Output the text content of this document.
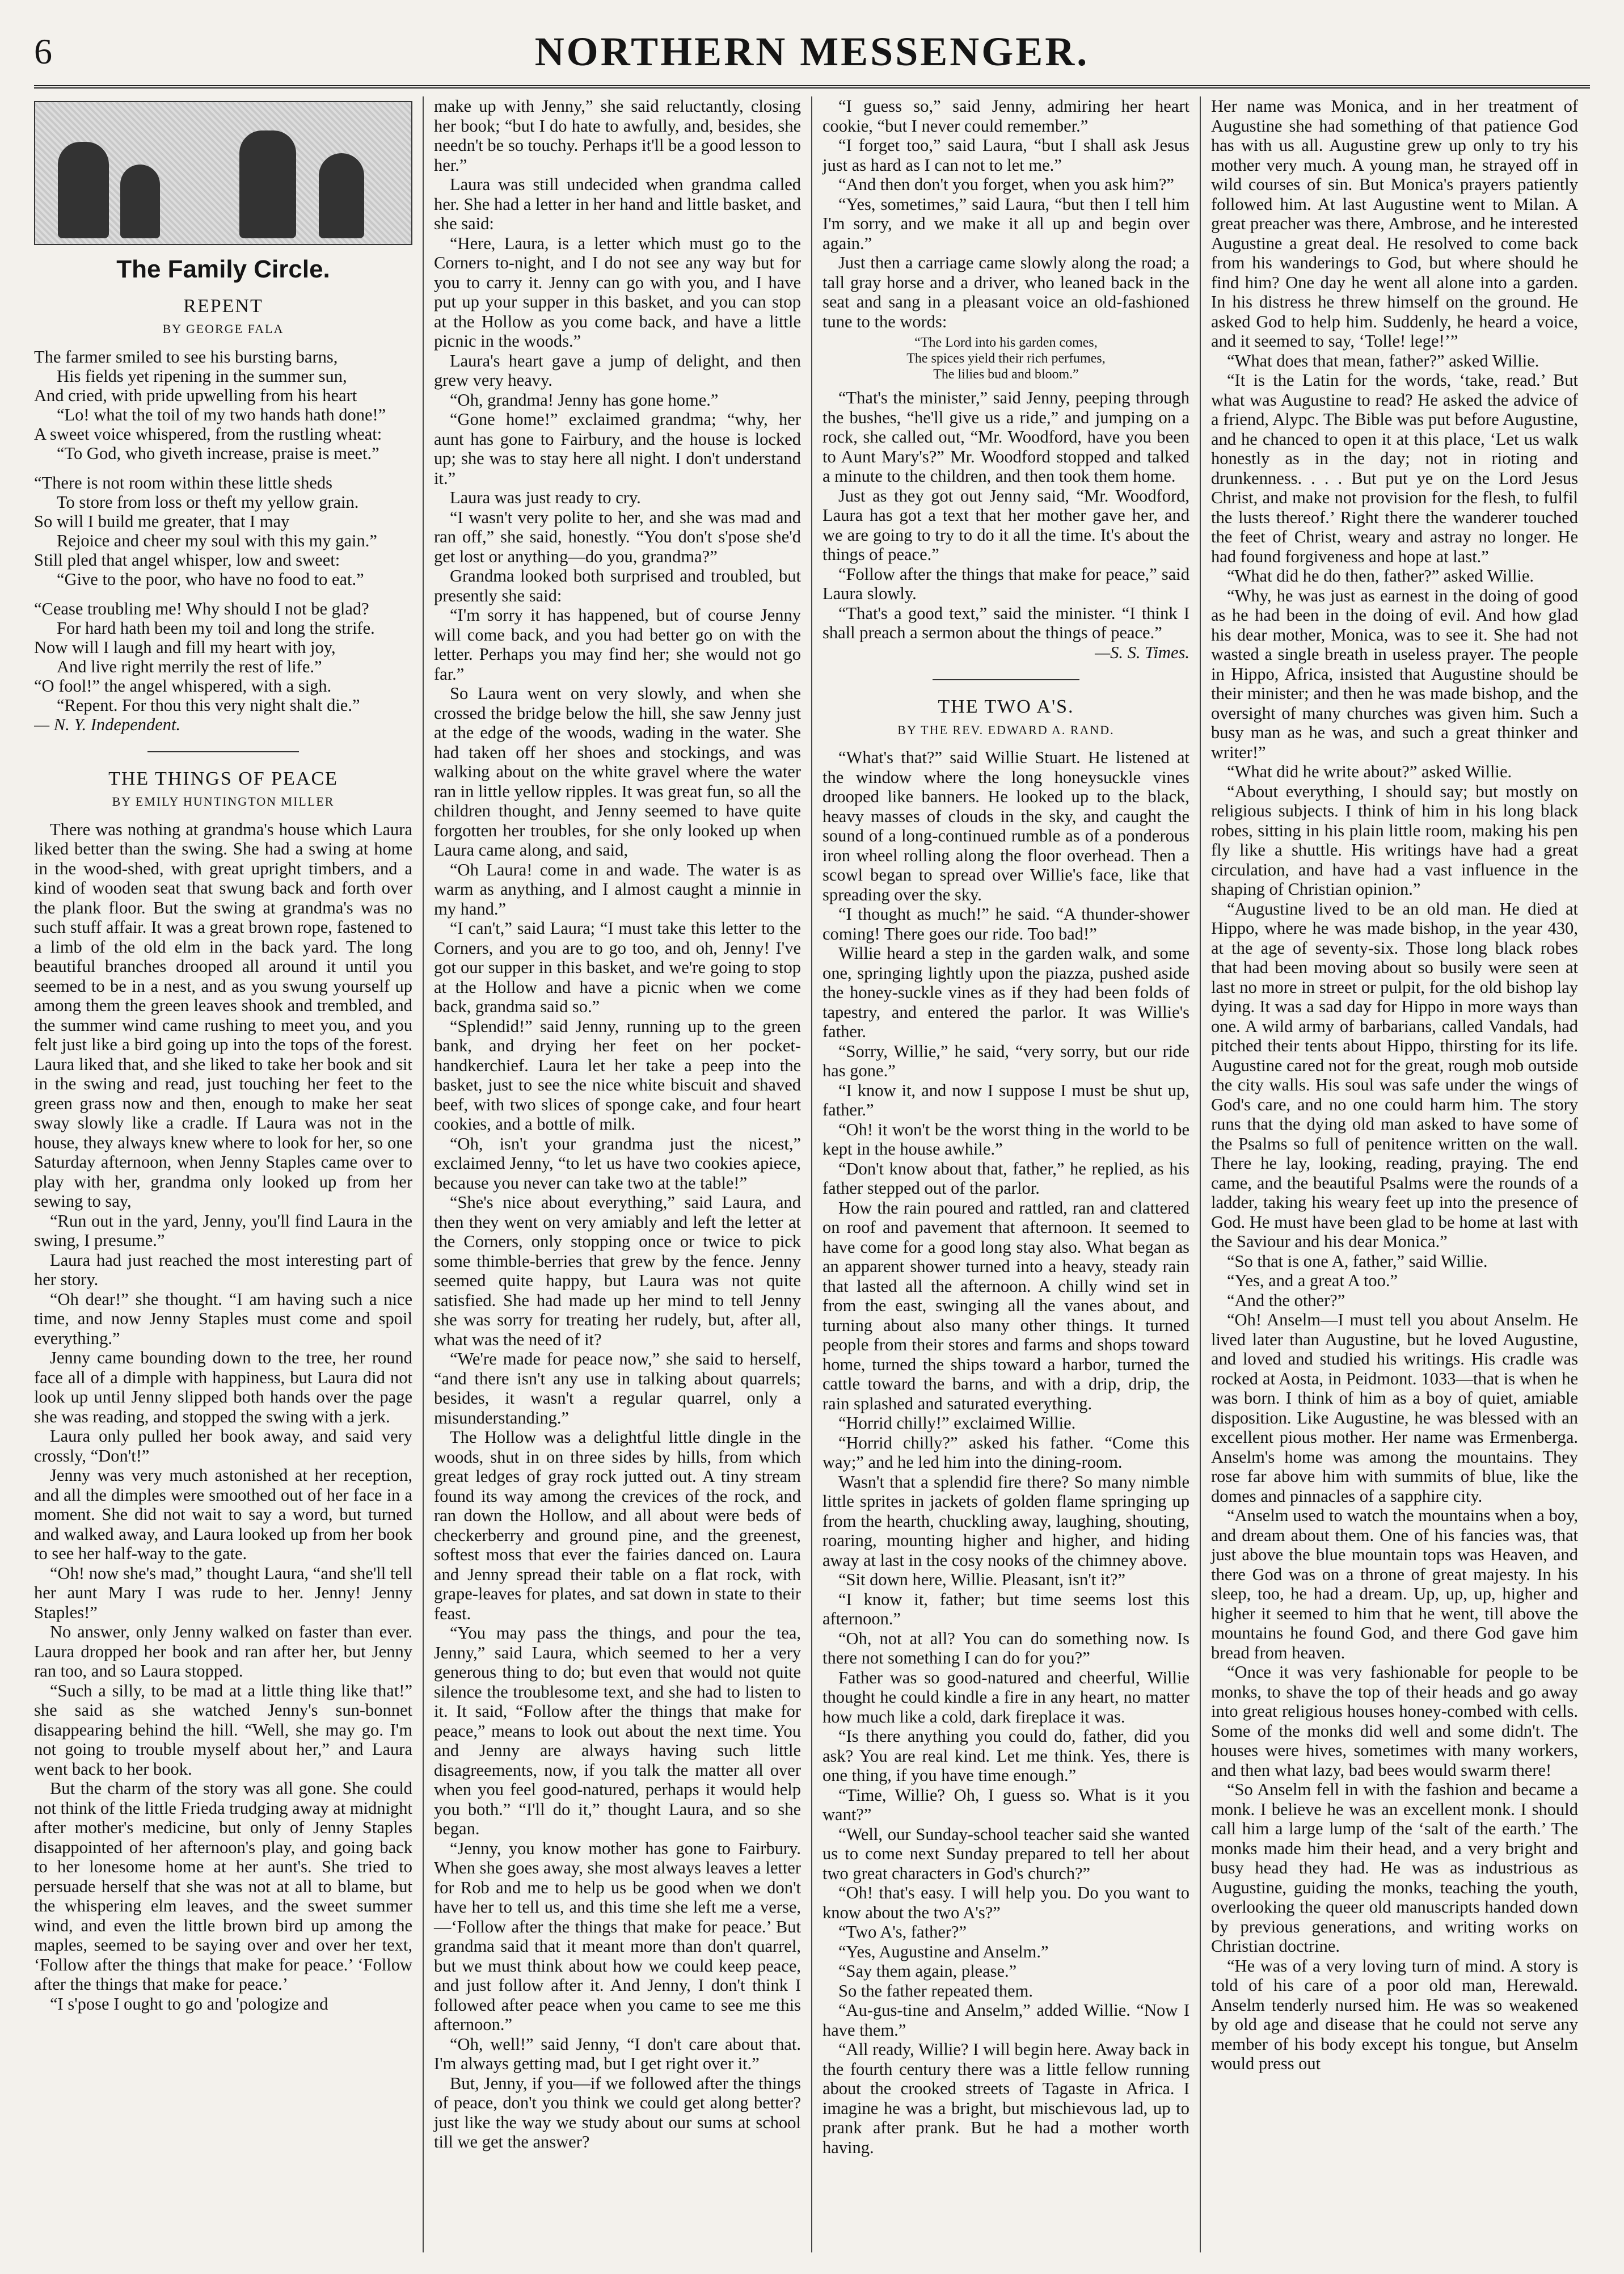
6	NORTHERN MESSENGER.
The Family Circle.
REPENT
BY GEORGE FALA

The farmer smiled to see his bursting barns,

His fields yet ripening in the summer sun,

And cried, with pride upwelling from his heart

“Lo! what the toil of my two hands hath done!”

A sweet voice whispered, from the rustling wheat:

“To God, who giveth increase, praise is meet.”

“There is not room within these little sheds

To store from loss or theft my yellow grain.

So will I build me greater, that I may

Rejoice and cheer my soul with this my gain.”

Still pled that angel whisper, low and sweet:

“Give to the poor, who have no food to eat.”

“Cease troubling me! Why should I not be glad?

For hard hath been my toil and long the strife.

Now will I laugh and fill my heart with joy,

And live right merrily the rest of life.”

“O fool!” the angel whispered, with a sigh.

“Repent. For thou this very night shalt die.”

— N. Y. Independent.

THE THINGS OF PEACE
BY EMILY HUNTINGTON MILLER

There was nothing at grandma's house which Laura liked better than the swing. She had a swing at home in the wood-shed, with great upright timbers, and a kind of wooden seat that swung back and forth over the plank floor. But the swing at grandma's was no such stuff affair. It was a great brown rope, fastened to a limb of the old elm in the back yard. The long beautiful branches drooped all around it until you seemed to be in a nest, and as you swung yourself up among them the green leaves shook and trembled, and the summer wind came rushing to meet you, and you felt just like a bird going up into the tops of the forest. Laura liked that, and she liked to take her book and sit in the swing and read, just touching her feet to the green grass now and then, enough to make her seat sway slowly like a cradle. If Laura was not in the house, they always knew where to look for her, so one Saturday afternoon, when Jenny Staples came over to play with her, grandma only looked up from her sewing to say,

“Run out in the yard, Jenny, you'll find Laura in the swing, I presume.”

Laura had just reached the most interesting part of her story.

“Oh dear!” she thought. “I am having such a nice time, and now Jenny Staples must come and spoil everything.”

Jenny came bounding down to the tree, her round face all of a dimple with happiness, but Laura did not look up until Jenny slipped both hands over the page she was reading, and stopped the swing with a jerk.

Laura only pulled her book away, and said very crossly, “Don't!”

Jenny was very much astonished at her reception, and all the dimples were smoothed out of her face in a moment. She did not wait to say a word, but turned and walked away, and Laura looked up from her book to see her half-way to the gate.

“Oh! now she's mad,” thought Laura, “and she'll tell her aunt Mary I was rude to her. Jenny! Jenny Staples!”

No answer, only Jenny walked on faster than ever. Laura dropped her book and ran after her, but Jenny ran too, and so Laura stopped.

“Such a silly, to be mad at a little thing like that!” she said as she watched Jenny's sun-bonnet disappearing behind the hill. “Well, she may go. I'm not going to trouble myself about her,” and Laura went back to her book.

But the charm of the story was all gone. She could not think of the little Frieda trudging away at midnight after mother's medicine, but only of Jenny Staples disappointed of her afternoon's play, and going back to her lonesome home at her aunt's. She tried to persuade herself that she was not at all to blame, but the whispering elm leaves, and the sweet summer wind, and even the little brown bird up among the maples, seemed to be saying over and over her text, ‘Follow after the things that make for peace.’ ‘Follow after the things that make for peace.’

“I s'pose I ought to go and 'pologize and

make up with Jenny,” she said reluctantly, closing her book; “but I do hate to awfully, and, besides, she needn't be so touchy. Perhaps it'll be a good lesson to her.”

Laura was still undecided when grandma called her. She had a letter in her hand and little basket, and she said:

“Here, Laura, is a letter which must go to the Corners to-night, and I do not see any way but for you to carry it. Jenny can go with you, and I have put up your supper in this basket, and you can stop at the Hollow as you come back, and have a little picnic in the woods.”

Laura's heart gave a jump of delight, and then grew very heavy.

“Oh, grandma! Jenny has gone home.”

“Gone home!” exclaimed grandma; “why, her aunt has gone to Fairbury, and the house is locked up; she was to stay here all night. I don't understand it.”

Laura was just ready to cry.

“I wasn't very polite to her, and she was mad and ran off,” she said, honestly. “You don't s'pose she'd get lost or anything—do you, grandma?”

Grandma looked both surprised and troubled, but presently she said:

“I'm sorry it has happened, but of course Jenny will come back, and you had better go on with the letter. Perhaps you may find her; she would not go far.”

So Laura went on very slowly, and when she crossed the bridge below the hill, she saw Jenny just at the edge of the woods, wading in the water. She had taken off her shoes and stockings, and was walking about on the white gravel where the water ran in little yellow ripples. It was great fun, so all the children thought, and Jenny seemed to have quite forgotten her troubles, for she only looked up when Laura came along, and said,

“Oh Laura! come in and wade. The water is as warm as anything, and I almost caught a minnie in my hand.”

“I can't,” said Laura; “I must take this letter to the Corners, and you are to go too, and oh, Jenny! I've got our supper in this basket, and we're going to stop at the Hollow and have a picnic when we come back, grandma said so.”

“Splendid!” said Jenny, running up to the green bank, and drying her feet on her pocket-handkerchief. Laura let her take a peep into the basket, just to see the nice white biscuit and shaved beef, with two slices of sponge cake, and four heart cookies, and a bottle of milk.

“Oh, isn't your grandma just the nicest,” exclaimed Jenny, “to let us have two cookies apiece, because you never can take two at the table!”

“She's nice about everything,” said Laura, and then they went on very amiably and left the letter at the Corners, only stopping once or twice to pick some thimble-berries that grew by the fence. Jenny seemed quite happy, but Laura was not quite satisfied. She had made up her mind to tell Jenny she was sorry for treating her rudely, but, after all, what was the need of it?

“We're made for peace now,” she said to herself, “and there isn't any use in talking about quarrels; besides, it wasn't a regular quarrel, only a misunderstanding.”

The Hollow was a delightful little dingle in the woods, shut in on three sides by hills, from which great ledges of gray rock jutted out. A tiny stream found its way among the crevices of the rock, and ran down the Hollow, and all about were beds of checkerberry and ground pine, and the greenest, softest moss that ever the fairies danced on. Laura and Jenny spread their table on a flat rock, with grape-leaves for plates, and sat down in state to their feast.

“You may pass the things, and pour the tea, Jenny,” said Laura, which seemed to her a very generous thing to do; but even that would not quite silence the troublesome text, and she had to listen to it. It said, “Follow after the things that make for peace,” means to look out about the next time. You and Jenny are always having such little disagreements, now, if you talk the matter all over when you feel good-natured, perhaps it would help you both.” “I'll do it,” thought Laura, and so she began.

“Jenny, you know mother has gone to Fairbury. When she goes away, she most always leaves a letter for Rob and me to help us be good when we don't have her to tell us, and this time she left me a verse,—‘Follow after the things that make for peace.’ But grandma said that it meant more than don't quarrel, but we must think about how we could keep peace, and just follow after it. And Jenny, I don't think I followed after peace when you came to see me this afternoon.”

“Oh, well!” said Jenny, “I don't care about that. I'm always getting mad, but I get right over it.”

But, Jenny, if you—if we followed after the things of peace, don't you think we could get along better? just like the way we study about our sums at school till we get the answer?

“I guess so,” said Jenny, admiring her heart cookie, “but I never could remember.”

“I forget too,” said Laura, “but I shall ask Jesus just as hard as I can not to let me.”

“And then don't you forget, when you ask him?”

“Yes, sometimes,” said Laura, “but then I tell him I'm sorry, and we make it all up and begin over again.”

Just then a carriage came slowly along the road; a tall gray horse and a driver, who leaned back in the seat and sang in a pleasant voice an old-fashioned tune to the words:

“The Lord into his garden comes,
The spices yield their rich perfumes,
The lilies bud and bloom.”

“That's the minister,” said Jenny, peeping through the bushes, “he'll give us a ride,” and jumping on a rock, she called out, “Mr. Woodford, have you been to Aunt Mary's?” Mr. Woodford stopped and talked a minute to the children, and then took them home.

Just as they got out Jenny said, “Mr. Woodford, Laura has got a text that her mother gave her, and we are going to try to do it all the time. It's about the things of peace.”

“Follow after the things that make for peace,” said Laura slowly.

“That's a good text,” said the minister. “I think I shall preach a sermon about the things of peace.”

—S. S. Times.

THE TWO A'S.
BY THE REV. EDWARD A. RAND.

“What's that?” said Willie Stuart. He listened at the window where the long honeysuckle vines drooped like banners. He looked up to the black, heavy masses of clouds in the sky, and caught the sound of a long-continued rumble as of a ponderous iron wheel rolling along the floor overhead. Then a scowl began to spread over Willie's face, like that spreading over the sky.

“I thought as much!” he said. “A thunder-shower coming! There goes our ride. Too bad!”

Willie heard a step in the garden walk, and some one, springing lightly upon the piazza, pushed aside the honey-suckle vines as if they had been folds of tapestry, and entered the parlor. It was Willie's father.

“Sorry, Willie,” he said, “very sorry, but our ride has gone.”

“I know it, and now I suppose I must be shut up, father.”

“Oh! it won't be the worst thing in the world to be kept in the house awhile.”

“Don't know about that, father,” he replied, as his father stepped out of the parlor.

How the rain poured and rattled, ran and clattered on roof and pavement that afternoon. It seemed to have come for a good long stay also. What began as an apparent shower turned into a heavy, steady rain that lasted all the afternoon. A chilly wind set in from the east, swinging all the vanes about, and turning about also many other things. It turned people from their stores and farms and shops toward home, turned the ships toward a harbor, turned the cattle toward the barns, and with a drip, drip, the rain splashed and saturated everything.

“Horrid chilly!” exclaimed Willie.

“Horrid chilly?” asked his father. “Come this way;” and he led him into the dining-room.

Wasn't that a splendid fire there? So many nimble little sprites in jackets of golden flame springing up from the hearth, chuckling away, laughing, shouting, roaring, mounting higher and higher, and hiding away at last in the cosy nooks of the chimney above.

“Sit down here, Willie. Pleasant, isn't it?”

“I know it, father; but time seems lost this afternoon.”

“Oh, not at all? You can do something now. Is there not something I can do for you?”

Father was so good-natured and cheerful, Willie thought he could kindle a fire in any heart, no matter how much like a cold, dark fireplace it was.

“Is there anything you could do, father, did you ask? You are real kind. Let me think. Yes, there is one thing, if you have time enough.”

“Time, Willie? Oh, I guess so. What is it you want?”

“Well, our Sunday-school teacher said she wanted us to come next Sunday prepared to tell her about two great characters in God's church?”

“Oh! that's easy. I will help you. Do you want to know about the two A's?”

“Two A's, father?”

“Yes, Augustine and Anselm.”

“Say them again, please.”

So the father repeated them.

“Au-gus-tine and Anselm,” added Willie. “Now I have them.”

“All ready, Willie? I will begin here. Away back in the fourth century there was a little fellow running about the crooked streets of Tagaste in Africa. I imagine he was a bright, but mischievous lad, up to prank after prank. But he had a mother worth having.

Her name was Monica, and in her treatment of Augustine she had something of that patience God has with us all. Augustine grew up only to try his mother very much. A young man, he strayed off in wild courses of sin. But Monica's prayers patiently followed him. At last Augustine went to Milan. A great preacher was there, Ambrose, and he interested Augustine a great deal. He resolved to come back from his wanderings to God, but where should he find him? One day he went all alone into a garden. In his distress he threw himself on the ground. He asked God to help him. Suddenly, he heard a voice, and it seemed to say, ‘Tolle! lege!’”

“What does that mean, father?” asked Willie.

“It is the Latin for the words, ‘take, read.’ But what was Augustine to read? He asked the advice of a friend, Alypc. The Bible was put before Augustine, and he chanced to open it at this place, ‘Let us walk honestly as in the day; not in rioting and drunkenness. . . . But put ye on the Lord Jesus Christ, and make not provision for the flesh, to fulfil the lusts thereof.’ Right there the wanderer touched the feet of Christ, weary and astray no longer. He had found forgiveness and hope at last.”

“What did he do then, father?” asked Willie.

“Why, he was just as earnest in the doing of good as he had been in the doing of evil. And how glad his dear mother, Monica, was to see it. She had not wasted a single breath in useless prayer. The people in Hippo, Africa, insisted that Augustine should be their minister; and then he was made bishop, and the oversight of many churches was given him. Such a busy man as he was, and such a great thinker and writer!”

“What did he write about?” asked Willie.

“About everything, I should say; but mostly on religious subjects. I think of him in his long black robes, sitting in his plain little room, making his pen fly like a shuttle. His writings have had a great circulation, and have had a vast influence in the shaping of Christian opinion.”

“Augustine lived to be an old man. He died at Hippo, where he was made bishop, in the year 430, at the age of seventy-six. Those long black robes that had been moving about so busily were seen at last no more in street or pulpit, for the old bishop lay dying. It was a sad day for Hippo in more ways than one. A wild army of barbarians, called Vandals, had pitched their tents about Hippo, thirsting for its life. Augustine cared not for the great, rough mob outside the city walls. His soul was safe under the wings of God's care, and no one could harm him. The story runs that the dying old man asked to have some of the Psalms so full of penitence written on the wall. There he lay, looking, reading, praying. The end came, and the beautiful Psalms were the rounds of a ladder, taking his weary feet up into the presence of God. He must have been glad to be home at last with the Saviour and his dear Monica.”

“So that is one A, father,” said Willie.

“Yes, and a great A too.”

“And the other?”

“Oh! Anselm—I must tell you about Anselm. He lived later than Augustine, but he loved Augustine, and loved and studied his writings. His cradle was rocked at Aosta, in Peidmont. 1033—that is when he was born. I think of him as a boy of quiet, amiable disposition. Like Augustine, he was blessed with an excellent pious mother. Her name was Ermenberga. Anselm's home was among the mountains. They rose far above him with summits of blue, like the domes and pinnacles of a sapphire city.

“Anselm used to watch the mountains when a boy, and dream about them. One of his fancies was, that just above the blue mountain tops was Heaven, and there God was on a throne of great majesty. In his sleep, too, he had a dream. Up, up, up, higher and higher it seemed to him that he went, till above the mountains he found God, and there God gave him bread from heaven.

“Once it was very fashionable for people to be monks, to shave the top of their heads and go away into great religious houses honey-combed with cells. Some of the monks did well and some didn't. The houses were hives, sometimes with many workers, and then what lazy, bad bees would swarm there!

“So Anselm fell in with the fashion and became a monk. I believe he was an excellent monk. I should call him a large lump of the ‘salt of the earth.’ The monks made him their head, and a very bright and busy head they had. He was as industrious as Augustine, guiding the monks, teaching the youth, overlooking the queer old manuscripts handed down by previous generations, and writing works on Christian doctrine.

“He was of a very loving turn of mind. A story is told of his care of a poor old man, Herewald. Anselm tenderly nursed him. He was so weakened by old age and disease that he could not serve any member of his body except his tongue, but Anselm would press out
